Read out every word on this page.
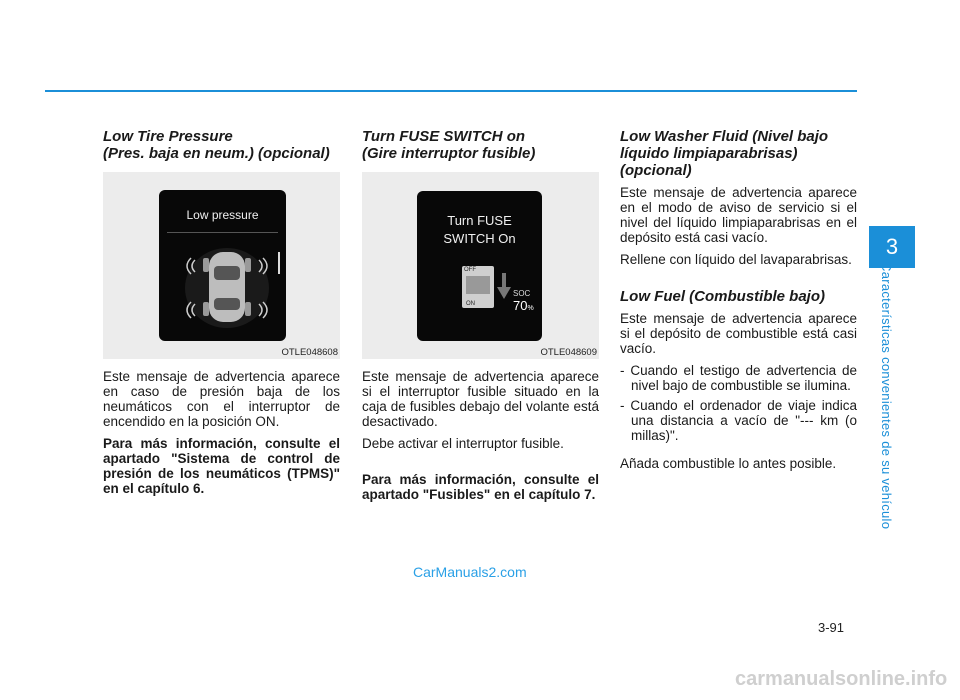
3
Características convenientes de su vehículo
Low Tire Pressure
(Pres. baja en neum.) (opcional)
Low pressure
OTLE048608

Este mensaje de advertencia aparece en caso de presión baja de los neumáticos con el interruptor de encendido en la posición ON.

Para más información, consulte el apartado "Sistema de control de presión de los neumáticos (TPMS)" en el capítulo 6.

Turn FUSE SWITCH on
(Gire interruptor fusible)
Turn FUSE
SWITCH On
OFF
ON
SOC
70%
OTLE048609

Este mensaje de advertencia aparece si el interruptor fusible situado en la caja de fusibles debajo del volante está desactivado.

Debe activar el interruptor fusible.

Para más información, consulte el apartado "Fusibles" en el capítulo 7.

Low Washer Fluid (Nivel bajo
líquido limpiaparabrisas)
(opcional)

Este mensaje de advertencia aparece en el modo de aviso de servicio si el nivel del líquido limpiaparabrisas en el depósito está casi vacío.

Rellene con líquido del lavaparabrisas.

Low Fuel (Combustible bajo)

Este mensaje de advertencia aparece si el depósito de combustible está casi vacío.

- Cuando el testigo de advertencia de nivel bajo de combustible se ilumina.
- Cuando el ordenador de viaje indica una distancia a vacío de "--- km (o millas)".

Añada combustible lo antes posible.

CarManuals2.com
3-91
carmanualsonline.info
